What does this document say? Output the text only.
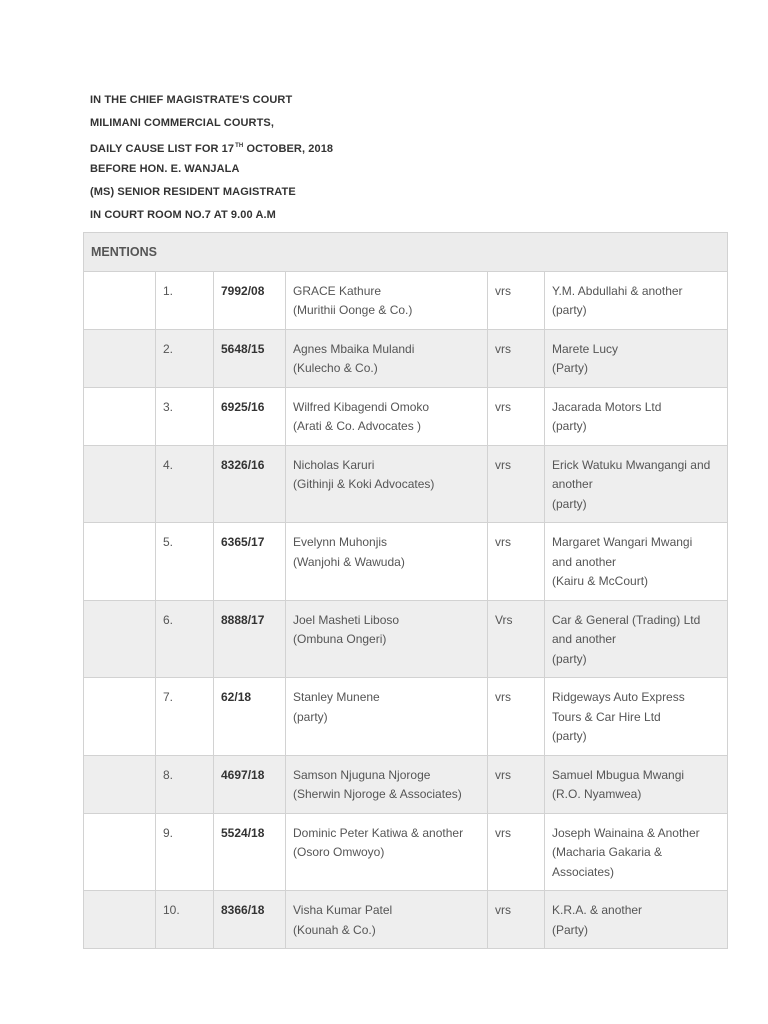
IN THE CHIEF MAGISTRATE'S COURT
MILIMANI COMMERCIAL COURTS,
DAILY CAUSE LIST FOR 17TH OCTOBER, 2018
BEFORE HON. E. WANJALA
(MS) SENIOR RESIDENT MAGISTRATE
IN COURT ROOM NO.7 AT 9.00 A.M
MENTIONS					
	1.	7992/08	GRACE Kathure
(Murithii Oonge & Co.)	vrs	Y.M. Abdullahi & another
(party)

	2.	5648/15	Agnes Mbaika Mulandi
(Kulecho & Co.)	vrs	Marete Lucy
(Party)

	3.	6925/16	Wilfred Kibagendi Omoko
(Arati & Co. Advocates )	vrs	Jacarada Motors Ltd
(party)

	4.	8326/16	Nicholas Karuri
(Githinji & Koki Advocates)	vrs	Erick Watuku Mwangangi and
another
(party)

	5.	6365/17	Evelynn Muhonjis
(Wanjohi & Wawuda)	vrs	Margaret Wangari Mwangi
and another
(Kairu & McCourt)

	6.	8888/17	Joel Masheti Liboso
(Ombuna Ongeri)	Vrs	Car & General (Trading) Ltd
and another
(party)

	7.	62/18	Stanley Munene
(party)	vrs	Ridgeways Auto Express
Tours & Car Hire Ltd
(party)

	8.	4697/18	Samson Njuguna Njoroge
(Sherwin Njoroge & Associates)	vrs	Samuel Mbugua Mwangi
(R.O. Nyamwea)

	9.	5524/18	Dominic Peter Katiwa & another
(Osoro Omwoyo)	vrs	Joseph Wainaina & Another
(Macharia Gakaria &
Associates)

	10.	8366/18	Visha Kumar Patel
(Kounah & Co.)	vrs	K.R.A. & another
(Party)
